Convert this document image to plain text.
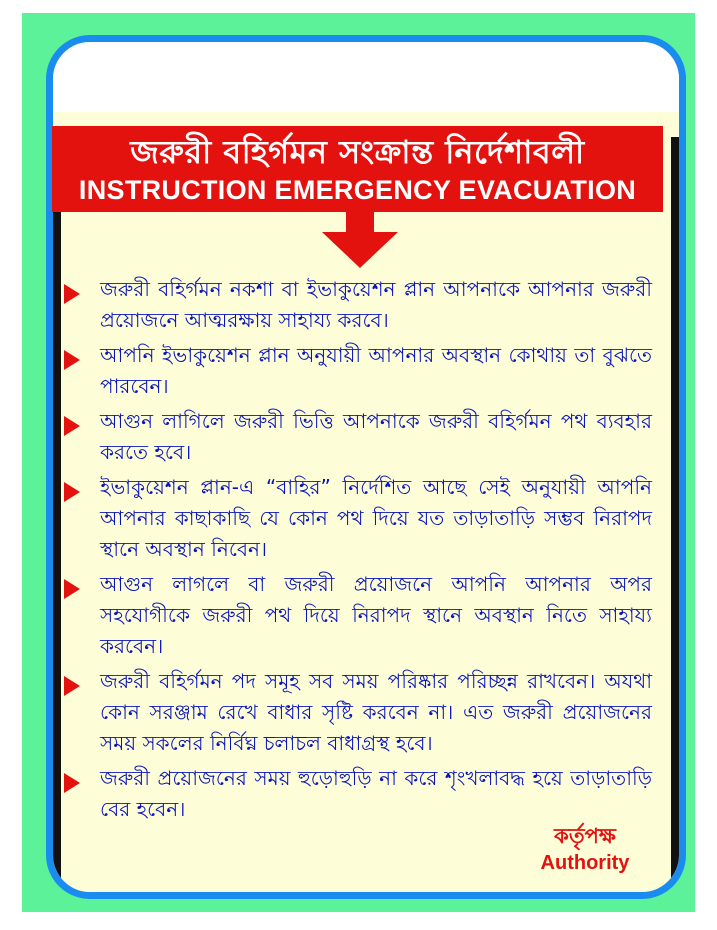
জরুরী বহির্গমন সংক্রান্ত নির্দেশাবলী
INSTRUCTION EMERGENCY EVACUATION
জরুরী বহির্গমন নকশা বা ইভাকুয়েশন প্লান আপনাকে আপনার জরুরী প্রয়োজনে আত্মরক্ষায় সাহায্য করবে।
আপনি ইভাকুয়েশন প্লান অনুযায়ী আপনার অবস্থান কোথায় তা বুঝতে পারবেন।
আগুন লাগিলে জরুরী ভিত্তি আপনাকে জরুরী বহির্গমন পথ ব্যবহার করতে হবে।
ইভাকুয়েশন প্লান-এ “বাহির” নির্দেশিত আছে সেই অনুযায়ী আপনি আপনার কাছাকাছি যে কোন পথ দিয়ে যত তাড়াতাড়ি সম্ভব নিরাপদ স্থানে অবস্থান নিবেন।
আগুন লাগলে বা জরুরী প্রয়োজনে আপনি আপনার অপর সহযোগীকে জরুরী পথ দিয়ে নিরাপদ স্থানে অবস্থান নিতে সাহায্য করবেন।
জরুরী বহির্গমন পদ সমূহ সব সময় পরিষ্কার পরিচ্ছন্ন রাখবেন। অযথা কোন সরঞ্জাম রেখে বাধার সৃষ্টি করবেন না। এত জরুরী প্রয়োজনের সময় সকলের নির্বিঘ্ন চলাচল বাধাগ্রস্থ হবে।
জরুরী প্রয়োজনের সময় হুড়োহুড়ি না করে শৃংখলাবদ্ধ হয়ে তাড়াতাড়ি বের হবেন।
কর্তৃপক্ষ
Authority
